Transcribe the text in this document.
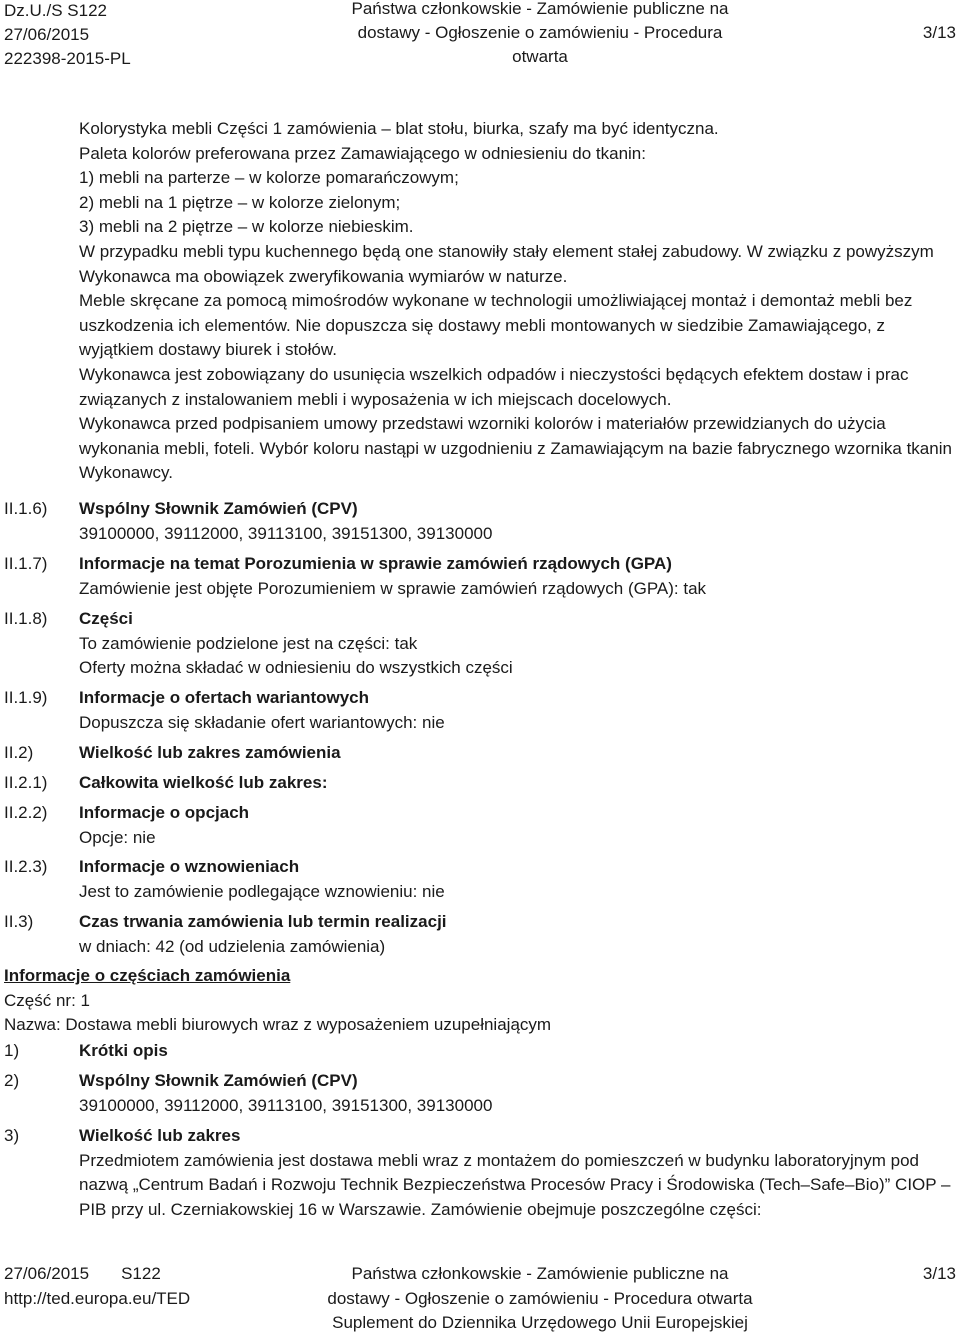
Dz.U./S S122
27/06/2015
222398-2015-PL
Państwa członkowskie - Zamówienie publiczne na
dostawy - Ogłoszenie o zamówieniu - Procedura otwarta
3/13

Kolorystyka mebli Części 1 zamówienia – blat stołu, biurka, szafy ma być identyczna.

Paleta kolorów preferowana przez Zamawiającego w odniesieniu do tkanin:

1) mebli na parterze – w kolorze pomarańczowym;

2) mebli na 1 piętrze – w kolorze zielonym;

3) mebli na 2 piętrze – w kolorze niebieskim.

W przypadku mebli typu kuchennego będą one stanowiły stały element stałej zabudowy. W związku z powyższym Wykonawca ma obowiązek zweryfikowania wymiarów w naturze.

Meble skręcane za pomocą mimośrodów wykonane w technologii umożliwiającej montaż i demontaż mebli bez uszkodzenia ich elementów. Nie dopuszcza się dostawy mebli montowanych w siedzibie Zamawiającego, z wyjątkiem dostawy biurek i stołów.

Wykonawca jest zobowiązany do usunięcia wszelkich odpadów i nieczystości będących efektem dostaw i prac związanych z instalowaniem mebli i wyposażenia w ich miejscach docelowych.

Wykonawca przed podpisaniem umowy przedstawi wzorniki kolorów i materiałów przewidzianych do użycia wykonania mebli, foteli. Wybór koloru nastąpi w uzgodnieniu z Zamawiającym na bazie fabrycznego wzornika tkanin Wykonawcy.

II.1.6) Wspólny Słownik Zamówień (CPV)
39100000, 39112000, 39113100, 39151300, 39130000
II.1.7) Informacje na temat Porozumienia w sprawie zamówień rządowych (GPA)
Zamówienie jest objęte Porozumieniem w sprawie zamówień rządowych (GPA): tak
II.1.8) Części
To zamówienie podzielone jest na części: tak
Oferty można składać w odniesieniu do wszystkich części
II.1.9) Informacje o ofertach wariantowych
Dopuszcza się składanie ofert wariantowych: nie
II.2)	Wielkość lub zakres zamówienia
II.2.1) Całkowita wielkość lub zakres:
II.2.2) Informacje o opcjach
Opcje: nie
II.2.3) Informacje o wznowieniach
Jest to zamówienie podlegające wznowieniu: nie
II.3)	Czas trwania zamówienia lub termin realizacji
w dniach: 42 (od udzielenia zamówienia)
Informacje o częściach zamówienia
Część nr: 1
Nazwa: Dostawa mebli biurowych wraz z wyposażeniem uzupełniającym
1)	Krótki opis
2)	Wspólny Słownik Zamówień (CPV)
39100000, 39112000, 39113100, 39151300, 39130000
3)	Wielkość lub zakres
Przedmiotem zamówienia jest dostawa mebli wraz z montażem do pomieszczeń w budynku laboratoryjnym pod nazwą „Centrum Badań i Rozwoju Technik Bezpieczeństwa Procesów Pracy i Środowiska (Tech–Safe–Bio)” CIOP – PIB przy ul. Czerniakowskiej 16 w Warszawie. Zamówienie obejmuje poszczególne części:
27/06/2015 S122
http://ted.europa.eu/TED
Państwa członkowskie - Zamówienie publiczne na
dostawy - Ogłoszenie o zamówieniu - Procedura otwarta
Suplement do Dziennika Urzędowego Unii Europejskiej
3/13
